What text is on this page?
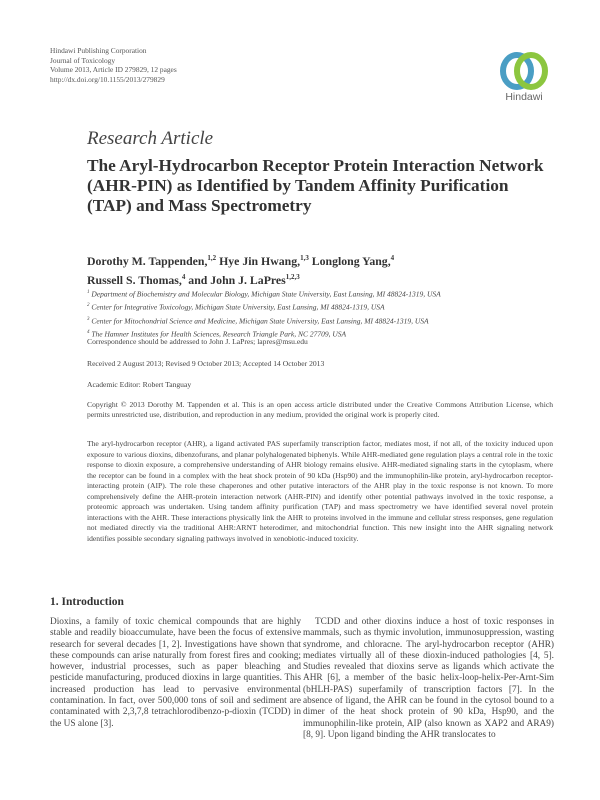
Hindawi Publishing Corporation
Journal of Toxicology
Volume 2013, Article ID 279829, 12 pages
http://dx.doi.org/10.1155/2013/279829
Hindawi
Research Article
The Aryl-Hydrocarbon Receptor Protein Interaction Network (AHR-PIN) as Identified by Tandem Affinity Purification (TAP) and Mass Spectrometry
Dorothy M. Tappenden,$^{1,2}$ Hye Jin Hwang,$^{1,3}$ Longlong Yang,$^4$
Russell S. Thomas,$^4$ and John J. LaPres$^{1,2,3}$
$^1$ Department of Biochemistry and Molecular Biology, Michigan State University, East Lansing, MI 48824-1319, USA
$^2$ Center for Integrative Toxicology, Michigan State University, East Lansing, MI 48824-1319, USA
$^3$ Center for Mitochondrial Science and Medicine, Michigan State University, East Lansing, MI 48824-1319, USA
$^4$ The Hamner Institutes for Health Sciences, Research Triangle Park, NC 27709, USA
Correspondence should be addressed to John J. LaPres; lapres@msu.edu
Received 2 August 2013; Revised 9 October 2013; Accepted 14 October 2013
Academic Editor: Robert Tanguay
Copyright © 2013 Dorothy M. Tappenden et al. This is an open access article distributed under the Creative Commons Attribution License, which permits unrestricted use, distribution, and reproduction in any medium, provided the original work is properly cited.
The aryl-hydrocarbon receptor (AHR), a ligand activated PAS superfamily transcription factor, mediates most, if not all, of the toxicity induced upon exposure to various dioxins, dibenzofurans, and planar polyhalogenated biphenyls. While AHR-mediated gene regulation plays a central role in the toxic response to dioxin exposure, a comprehensive understanding of AHR biology remains elusive. AHR-mediated signaling starts in the cytoplasm, where the receptor can be found in a complex with the heat shock protein of 90 kDa (Hsp90) and the immunophilin-like protein, aryl-hydrocarbon receptor-interacting protein (AIP). The role these chaperones and other putative interactors of the AHR play in the toxic response is not known. To more comprehensively define the AHR-protein interaction network (AHR-PIN) and identify other potential pathways involved in the toxic response, a proteomic approach was undertaken. Using tandem affinity purification (TAP) and mass spectrometry we have identified several novel protein interactions with the AHR. These interactions physically link the AHR to proteins involved in the immune and cellular stress responses, gene regulation not mediated directly via the traditional AHR:ARNT heterodimer, and mitochondrial function. This new insight into the AHR signaling network identifies possible secondary signaling pathways involved in xenobiotic-induced toxicity.
1. Introduction
Dioxins, a family of toxic chemical compounds that are highly stable and readily bioaccumulate, have been the focus of extensive research for several decades [1, 2]. Investigations have shown that these compounds can arise naturally from forest fires and cooking; however, industrial processes, such as paper bleaching and pesticide manufacturing, produced dioxins in large quantities. This increased production has lead to pervasive environmental contamination. In fact, over 500,000 tons of soil and sediment are contaminated with 2,3,7,8 tetrachlorodibenzo-p-dioxin (TCDD) in the US alone [3].
TCDD and other dioxins induce a host of toxic responses in mammals, such as thymic involution, immunosuppression, wasting syndrome, and chloracne. The aryl-hydrocarbon receptor (AHR) mediates virtually all of these dioxin-induced pathologies [4, 5]. Studies revealed that dioxins serve as ligands which activate the AHR [6], a member of the basic helix-loop-helix-Per-Arnt-Sim (bHLH-PAS) superfamily of transcription factors [7]. In the absence of ligand, the AHR can be found in the cytosol bound to a dimer of the heat shock protein of 90 kDa, Hsp90, and the immunophilin-like protein, AIP (also known as XAP2 and ARA9) [8, 9]. Upon ligand binding the AHR translocates to
